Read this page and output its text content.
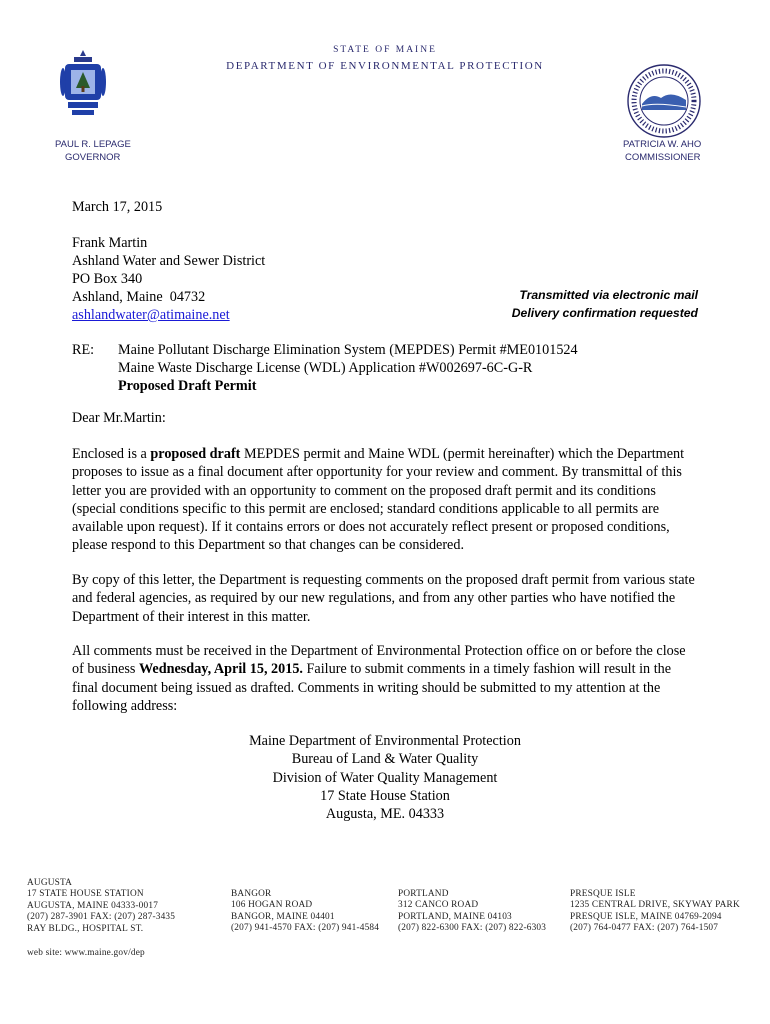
STATE OF MAINE
DEPARTMENT OF ENVIRONMENTAL PROTECTION
PAUL R. LEPAGE
GOVERNOR
PATRICIA W. AHO
COMMISSIONER
March 17, 2015
Frank Martin
Ashland Water and Sewer District
PO Box 340
Ashland, Maine  04732
ashlandwater@atimaine.net
Transmitted via electronic mail
Delivery confirmation requested
RE: Maine Pollutant Discharge Elimination System (MEPDES) Permit #ME0101524
Maine Waste Discharge License (WDL) Application #W002697-6C-G-R
Proposed Draft Permit
Dear Mr.Martin:
Enclosed is a proposed draft MEPDES permit and Maine WDL (permit hereinafter) which the Department proposes to issue as a final document after opportunity for your review and comment. By transmittal of this letter you are provided with an opportunity to comment on the proposed draft permit and its conditions (special conditions specific to this permit are enclosed; standard conditions applicable to all permits are available upon request). If it contains errors or does not accurately reflect present or proposed conditions, please respond to this Department so that changes can be considered.
By copy of this letter, the Department is requesting comments on the proposed draft permit from various state and federal agencies, as required by our new regulations, and from any other parties who have notified the Department of their interest in this matter.
All comments must be received in the Department of Environmental Protection office on or before the close of business Wednesday, April 15, 2015. Failure to submit comments in a timely fashion will result in the final document being issued as drafted. Comments in writing should be submitted to my attention at the following address:
Maine Department of Environmental Protection
Bureau of Land & Water Quality
Division of Water Quality Management
17 State House Station
Augusta, ME. 04333
AUGUSTA
17 STATE HOUSE STATION
AUGUSTA, MAINE 04333-0017
(207) 287-3901 FAX: (207) 287-3435
RAY BLDG., HOSPITAL ST.
BANGOR
106 HOGAN ROAD
BANGOR, MAINE 04401
(207) 941-4570 FAX: (207) 941-4584
PORTLAND
312 CANCO ROAD
PORTLAND, MAINE 04103
(207) 822-6300 FAX: (207) 822-6303
PRESQUE ISLE
1235 CENTRAL DRIVE, SKYWAY PARK
PRESQUE ISLE, MAINE 04769-2094
(207) 764-0477 FAX: (207) 764-1507
web site: www.maine.gov/dep
